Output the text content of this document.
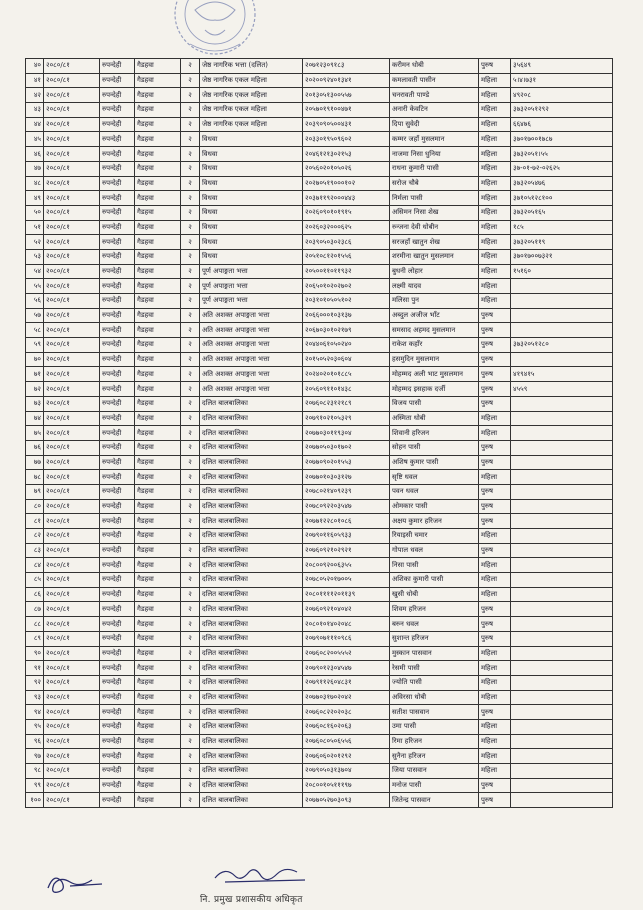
४०	२०८०/८१	रुपन्देही	गैडहवा	२	जेष्ठ नागरिक भत्ता (दलित)	२०७१२३०९१८३	करीमन धोबी	पुरुष	३५६४९
४१	२०८०/८१	रुपन्देही	गैडहवा	२	जेष्ठ नागरिक एकल महिला	२०२००९२४०१३४१	कमलावती पासीन	महिला	५।४।७३१
४२	२०८०/८१	रुपन्देही	गैडहवा	२	जेष्ठ नागरिक एकल महिला	२०१३०५१३००५५७	चनरावती पाण्डे	महिला	४९२०८
४३	२०८०/८१	रुपन्देही	गैडहवा	२	जेष्ठ नागरिक एकल महिला	२०५७०१९१००४७१	अनारी केवटिन	महिला	३७३२०५१२९२
४४	२०८०/८१	रुपन्देही	गैडहवा	२	जेष्ठ नागरिक एकल महिला	२०३९०९०५००४३१	दिपा सुवेदी	महिला	६६४७६
४५	२०८०/८१	रुपन्देही	गैडहवा	२	विधवा	२०३३०१९५०९६०२	कम्मर जहाँ मुसलमान	महिला	३७०१७००१७८७
४६	२०८०/८१	रुपन्देही	गैडहवा	२	विधवा	२०४६१२१३०२१५३	नाजमा निसा धुनिया	महिला	३७३२०५१।५५
४७	२०८०/८१	रुपन्देही	गैडहवा	२	विधवा	२०५६०२०१०५०२६	राधना कुमारी पासी	महिला	३७-०१-७२-०२६२५
४८	२०८०/८१	रुपन्देही	गैडहवा	२	विधवा	२०२७०५१९०००१०२	सरोज चौबे	महिला	३७३२०५४७६
४९	२०८०/८१	रुपन्देही	गैडहवा	२	विधवा	२०३७११९२०००४४३	निर्मला पासी	महिला	३७१०५१२८१००
५०	२०८०/८१	रुपन्देही	गैडहवा	२	विधवा	२०२६०९०१०१९१५	असिमन निसा शेख	महिला	३७३२०५१६५
५१	२०८०/८१	रुपन्देही	गैडहवा	२	विधवा	२०२६०३२०००६२५	रुन्जना देवी धोबीन	महिला	१८५
५२	२०८०/८१	रुपन्देही	गैडहवा	२	विधवा	२०३९०५०३०२३८६	सरजहाँ खातुन शेख	महिला	३७३२०५११९
५३	२०८०/८१	रुपन्देही	गैडहवा	२	विधवा	२०५१०८१२०१५५६	शरमीना खातुन मुसलमान	महिला	३७०१७००७३२१
५४	२०८०/८१	रुपन्देही	गैडहवा	२	पूर्ण अपाङ्गता भत्ता	२०५००११०११९३२	बुधनी लोहार	महिला	१५१६०
५५	२०८०/८१	रुपन्देही	गैडहवा	२	पूर्ण अपाङ्गता भत्ता	२०६५०१०२०२७०२	लक्ष्मी यादव	महिला	
५६	२०८०/८१	रुपन्देही	गैडहवा	२	पूर्ण अपाङ्गता भत्ता	२०३१०१०५०५१०२	मलिसा पुन	महिला	
५७	२०८०/८१	रुपन्देही	गैडहवा	२	अति अशक्त अपाङ्गता भत्ता	२०६६०००१०३१३७	अब्दुल अजीज भाँट	पुरुष	
५८	२०८०/८१	रुपन्देही	गैडहवा	२	अति अशक्त अपाङ्गता भत्ता	२०६७०३०१०२१७९	समसाद अहमद मुसलमान	पुरुष	
५९	२०८०/८१	रुपन्देही	गैडहवा	२	अति अशक्त अपाङ्गता भत्ता	२०४४०६१०५०२४०	राकेश कहाँर	पुरुष	३७३२०५१२८०
७०	२०८०/८१	रुपन्देही	गैडहवा	२	अति अशक्त अपाङ्गता भत्ता	२०१५०५२०३०६०४	हसमुदिन मुसलमान	पुरुष	
७१	२०८०/८१	रुपन्देही	गैडहवा	२	अति अशक्त अपाङ्गता भत्ता	२०२४०२०१०१८८५	मोहम्मद अली भाट मुसलमान	पुरुष	४१९४१५
७२	२०८०/८१	रुपन्देही	गैडहवा	२	अति अशक्त अपाङ्गता भत्ता	२०५६०९११०१४३८	मोहम्मद इसहाक दर्जी	पुरुष	४५५९
७३	२०८०/८१	रुपन्देही	गैडहवा	२	दलित बालबालिका	२०७६०८२३१२१८९	विजय पासी	पुरुष	
७४	२०८०/८१	रुपन्देही	गैडहवा	२	दलित बालबालिका	२०७९१०२१०५३२९	अस्मिता धोबी	महिला	
७५	२०८०/८१	रुपन्देही	गैडहवा	२	दलित बालबालिका	२०७७०३०११९३०४	शिवानी हरिजन	महिला	
७६	२०८०/८१	रुपन्देही	गैडहवा	२	दलित बालबालिका	२०७७०५०३०१७०२	सोहन पासी	पुरुष	
७७	२०८०/८१	रुपन्देही	गैडहवा	२	दलित बालबालिका	२०७७०९०२०१५५३	अशिष कुमार पासी	पुरुष	
७८	२०८०/८१	रुपन्देही	गैडहवा	२	दलित बालबालिका	२०७७०१०३०३१२७	सृष्टि धवल	महिला	
७९	२०८०/८१	रुपन्देही	गैडहवा	२	दलित बालबालिका	२०७८०२१४०९२३९	पवन धवल	पुरुष	
८०	२०८०/८१	रुपन्देही	गैडहवा	२	दलित बालबालिका	२०७८०९२२०३५४७	ओमकार पासी	पुरुष	
८१	२०८०/८१	रुपन्देही	गैडहवा	२	दलित बालबालिका	२०७७१२२८०१०८६	अक्षय कुमार हरिजन	पुरुष	
८२	२०८०/८१	रुपन्देही	गैडहवा	२	दलित बालबालिका	२०७९०११६०५९३३	रियाइसी चमार	महिला	
८३	२०८०/८१	रुपन्देही	गैडहवा	२	दलित बालबालिका	२०७६०९२१०२९२१	गोपाल धवल	पुरुष	
८४	२०८०/८१	रुपन्देही	गैडहवा	२	दलित बालबालिका	२०८००९२००६३५५	निसा पासी	महिला	
८५	२०८०/८१	रुपन्देही	गैडहवा	२	दलित बालबालिका	२०७८०५२०१७००५	अशिका कुमारी पासी	महिला	
८६	२०८०/८१	रुपन्देही	गैडहवा	२	दलित बालबालिका	२०८०११११२०११३९	खुसी धोबी	महिला	
८७	२०८०/८१	रुपन्देही	गैडहवा	२	दलित बालबालिका	२०७६०९२१०४०४२	शिवम हरिजन	पुरुष	
८८	२०८०/८१	रुपन्देही	गैडहवा	२	दलित बालबालिका	२०८०१०१४०२०४८	बरुन धवल	पुरुष	
८९	२०८०/८१	रुपन्देही	गैडहवा	२	दलित बालबालिका	२०७९०७१११०९८६	सुशान्त हरिजन	पुरुष	
९०	२०८०/८१	रुपन्देही	गैडहवा	२	दलित बालबालिका	२०७६०८२००५५५२	मुस्कान पासवान	महिला	
९१	२०८०/८१	रुपन्देही	गैडहवा	२	दलित बालबालिका	२०७९०१२३०४५४७	रेसमी पासी	महिला	
९२	२०८०/८१	रुपन्देही	गैडहवा	२	दलित बालबालिका	२०७९११२६०४८३१	ज्योति पासी	महिला	
९३	२०८०/८१	रुपन्देही	गैडहवा	२	दलित बालबालिका	२०७७०३१७०२०४२	अविरसा धोबी	महिला	
९४	२०८०/८१	रुपन्देही	गैडहवा	२	दलित बालबालिका	२०७६०८२२०२०३८	सतीश पासवान	पुरुष	
९५	२०८०/८१	रुपन्देही	गैडहवा	२	दलित बालबालिका	२०७६०८१६०२०६३	उमा पासी	महिला	
९६	२०८०/८१	रुपन्देही	गैडहवा	२	दलित बालबालिका	२०७६०८०५०६५५६	रिमा हरिजन	महिला	
९७	२०८०/८१	रुपन्देही	गैडहवा	२	दलित बालबालिका	२०७६०६०२०१२९२	सुनैना हरिजन	महिला	
९८	२०८०/८१	रुपन्देही	गैडहवा	२	दलित बालबालिका	२०७९०५०३१३७०४	जिया पासवान	महिला	
९९	२०८०/८१	रुपन्देही	गैडहवा	२	दलित बालबालिका	२०८००१०५१११९७	मनोज पासी	पुरुष	
१००	२०८०/८१	रुपन्देही	गैडहवा	२	दलित बालबालिका	२०७७०५२७०३०९३	जितेन्द्र पासवान	पुरुष	
नि. प्रमुख प्रशासकीय अधिकृत
